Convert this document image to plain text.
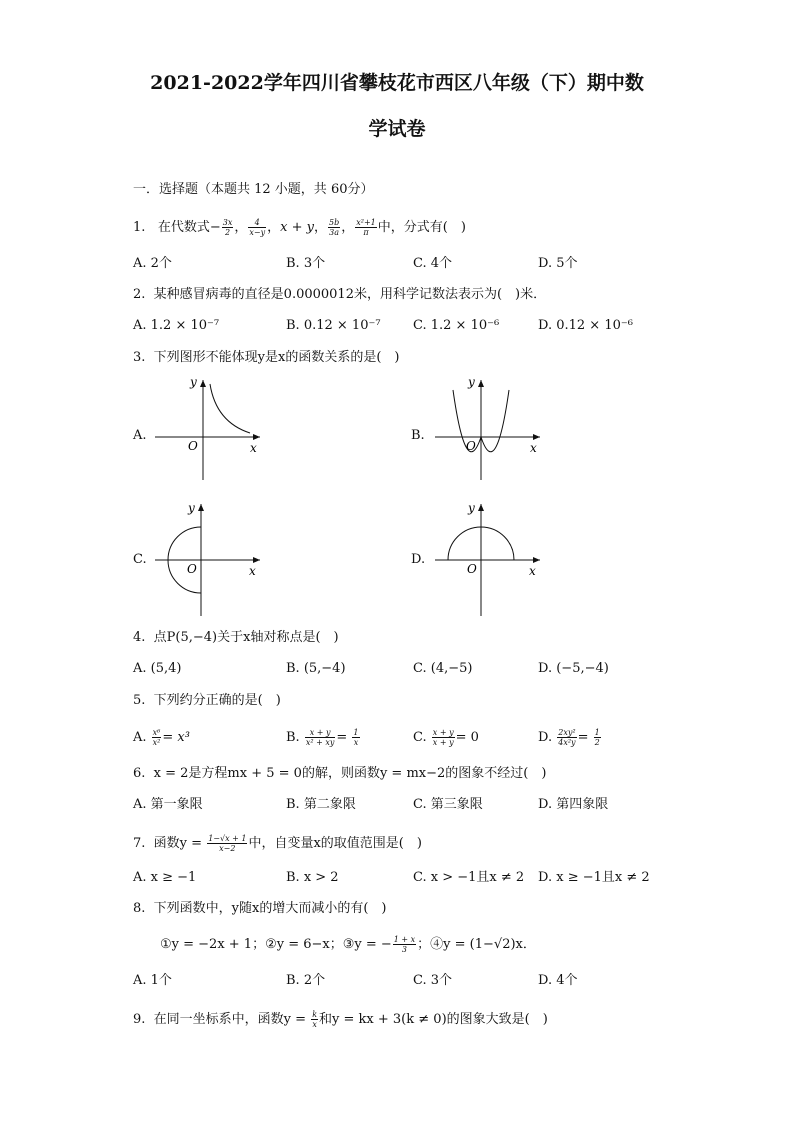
2021-2022学年四川省攀枝花市西区八年级（下）期中数
学试卷
一．选择题（本题共 12 小题，共 60分）
1. 在代数式− $\frac{3x}{2}$ ， $\frac{4}{x-y}$ ，x + y， $\frac{5b}{3a}$ ， $\frac{\text{x²+1}}{\pi}$ 中，分式有( )
A. 2个	B. 3个	C. 4个	D. 5个
2. 某种感冒病毒的直径是0.0000012米，用科学记数法表示为( )米．
A. 1.2 × 10⁻⁷	B. 0.12 × 10⁻⁷ C. 1.2 × 10⁻⁶	D. 0.12 × 10⁻⁶
3. 下列图形不能体现y是x的函数关系的是( )
A.	B.
C.	D.
y
O	x
y
O	x
y
O	x
y
O	x
4. 点P(5,−4)关于x轴对称点是( )
A. (5,4)	B. (5,−4)	C. (4,−5)	D. (−5,−4)
5. 下列约分正确的是( )
A. $\frac{\text{x⁶}}{\text{x²}} = x^3$	B. $\frac{x + y}{\text{x² + xy}} = \frac{1}{x}$	C. $\frac{x + y}{x + y} = 0$	D. $\frac{\text{2xy²}}{\text{4x²y}} = \frac{1}{2}$
6. x = 2是方程mx + 5 = 0的解，则函数y = mx−2的图象不经过( )
A. 第一象限	B. 第二象限	C. 第三象限	D. 第四象限
7. 函数$y = \frac{1-√x + 1}{x-2}$ 中，自变量x的取值范围是( )
A. x ≥ −1	B. x > 2	C. x > −1且x ≠ 2 D. x ≥ −1且x ≠ 2
8. 下列函数中，y随x的增大而减小的有( )
①y = −2x + 1；②y = 6−x；③y = − $\frac{1 + x}{3}$ ；④y = (1−√2)x．
A. 1个	B. 2个	C. 3个	D. 4个
9. 在同一坐标系中，函数$y = \frac{k}{x}$ 和y = kx + 3(k ≠ 0)的图象大致是( )
